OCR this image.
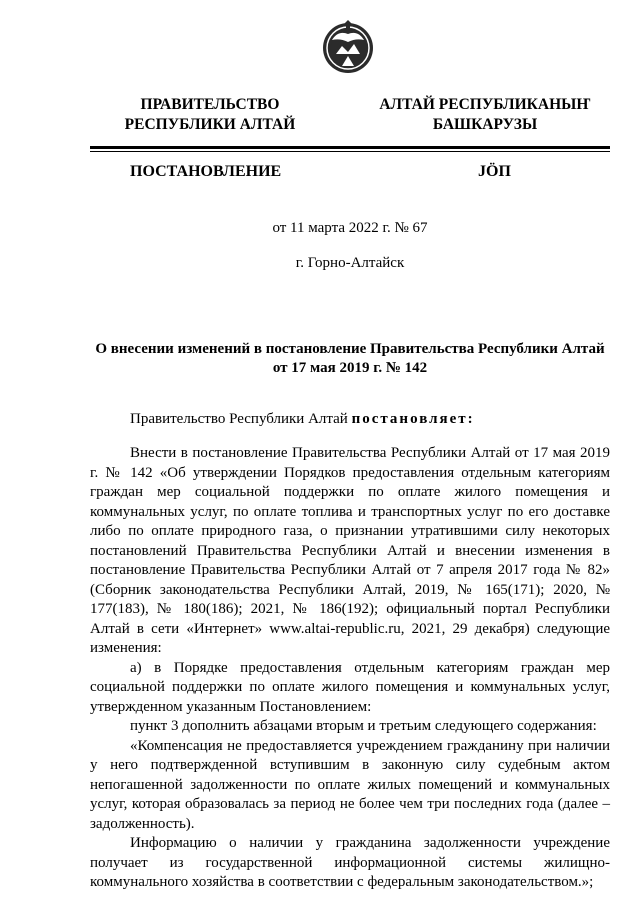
ПРАВИТЕЛЬСТВО
РЕСПУБЛИКИ АЛТАЙ
АЛТАЙ РЕСПУБЛИКАНЫҤ
БАШКАРУЗЫ
ПОСТАНОВЛЕНИЕ	JÖП
от 11 марта 2022 г. № 67
г. Горно-Алтайск
О внесении изменений в постановление Правительства Республики Алтай
от 17 мая 2019 г. № 142
Правительство Республики Алтай постановляет:

Внести в постановление Правительства Республики Алтай от 17 мая 2019 г. № 142 «Об утверждении Порядков предоставления отдельным категориям граждан мер социальной поддержки по оплате жилого помещения и коммунальных услуг, по оплате топлива и транспортных услуг по его доставке либо по оплате природного газа, о признании утратившими силу некоторых постановлений Правительства Республики Алтай и внесении изменения в постановление Правительства Республики Алтай от 7 апреля 2017 года № 82» (Сборник законодательства Республики Алтай, 2019, № 165(171); 2020, № 177(183), № 180(186); 2021, № 186(192); официальный портал Республики Алтай в сети «Интернет» www.altai-republic.ru, 2021, 29 декабря) следующие изменения:

а) в Порядке предоставления отдельным категориям граждан мер социальной поддержки по оплате жилого помещения и коммунальных услуг, утвержденном указанным Постановлением:

пункт 3 дополнить абзацами вторым и третьим следующего содержания:

«Компенсация не предоставляется учреждением гражданину при наличии у него подтвержденной вступившим в законную силу судебным актом непогашенной задолженности по оплате жилых помещений и коммунальных услуг, которая образовалась за период не более чем три последних года (далее – задолженность).

Информацию о наличии у гражданина задолженности учреждение получает из государственной информационной системы жилищно-коммунального хозяйства в соответствии с федеральным законодательством.»;
